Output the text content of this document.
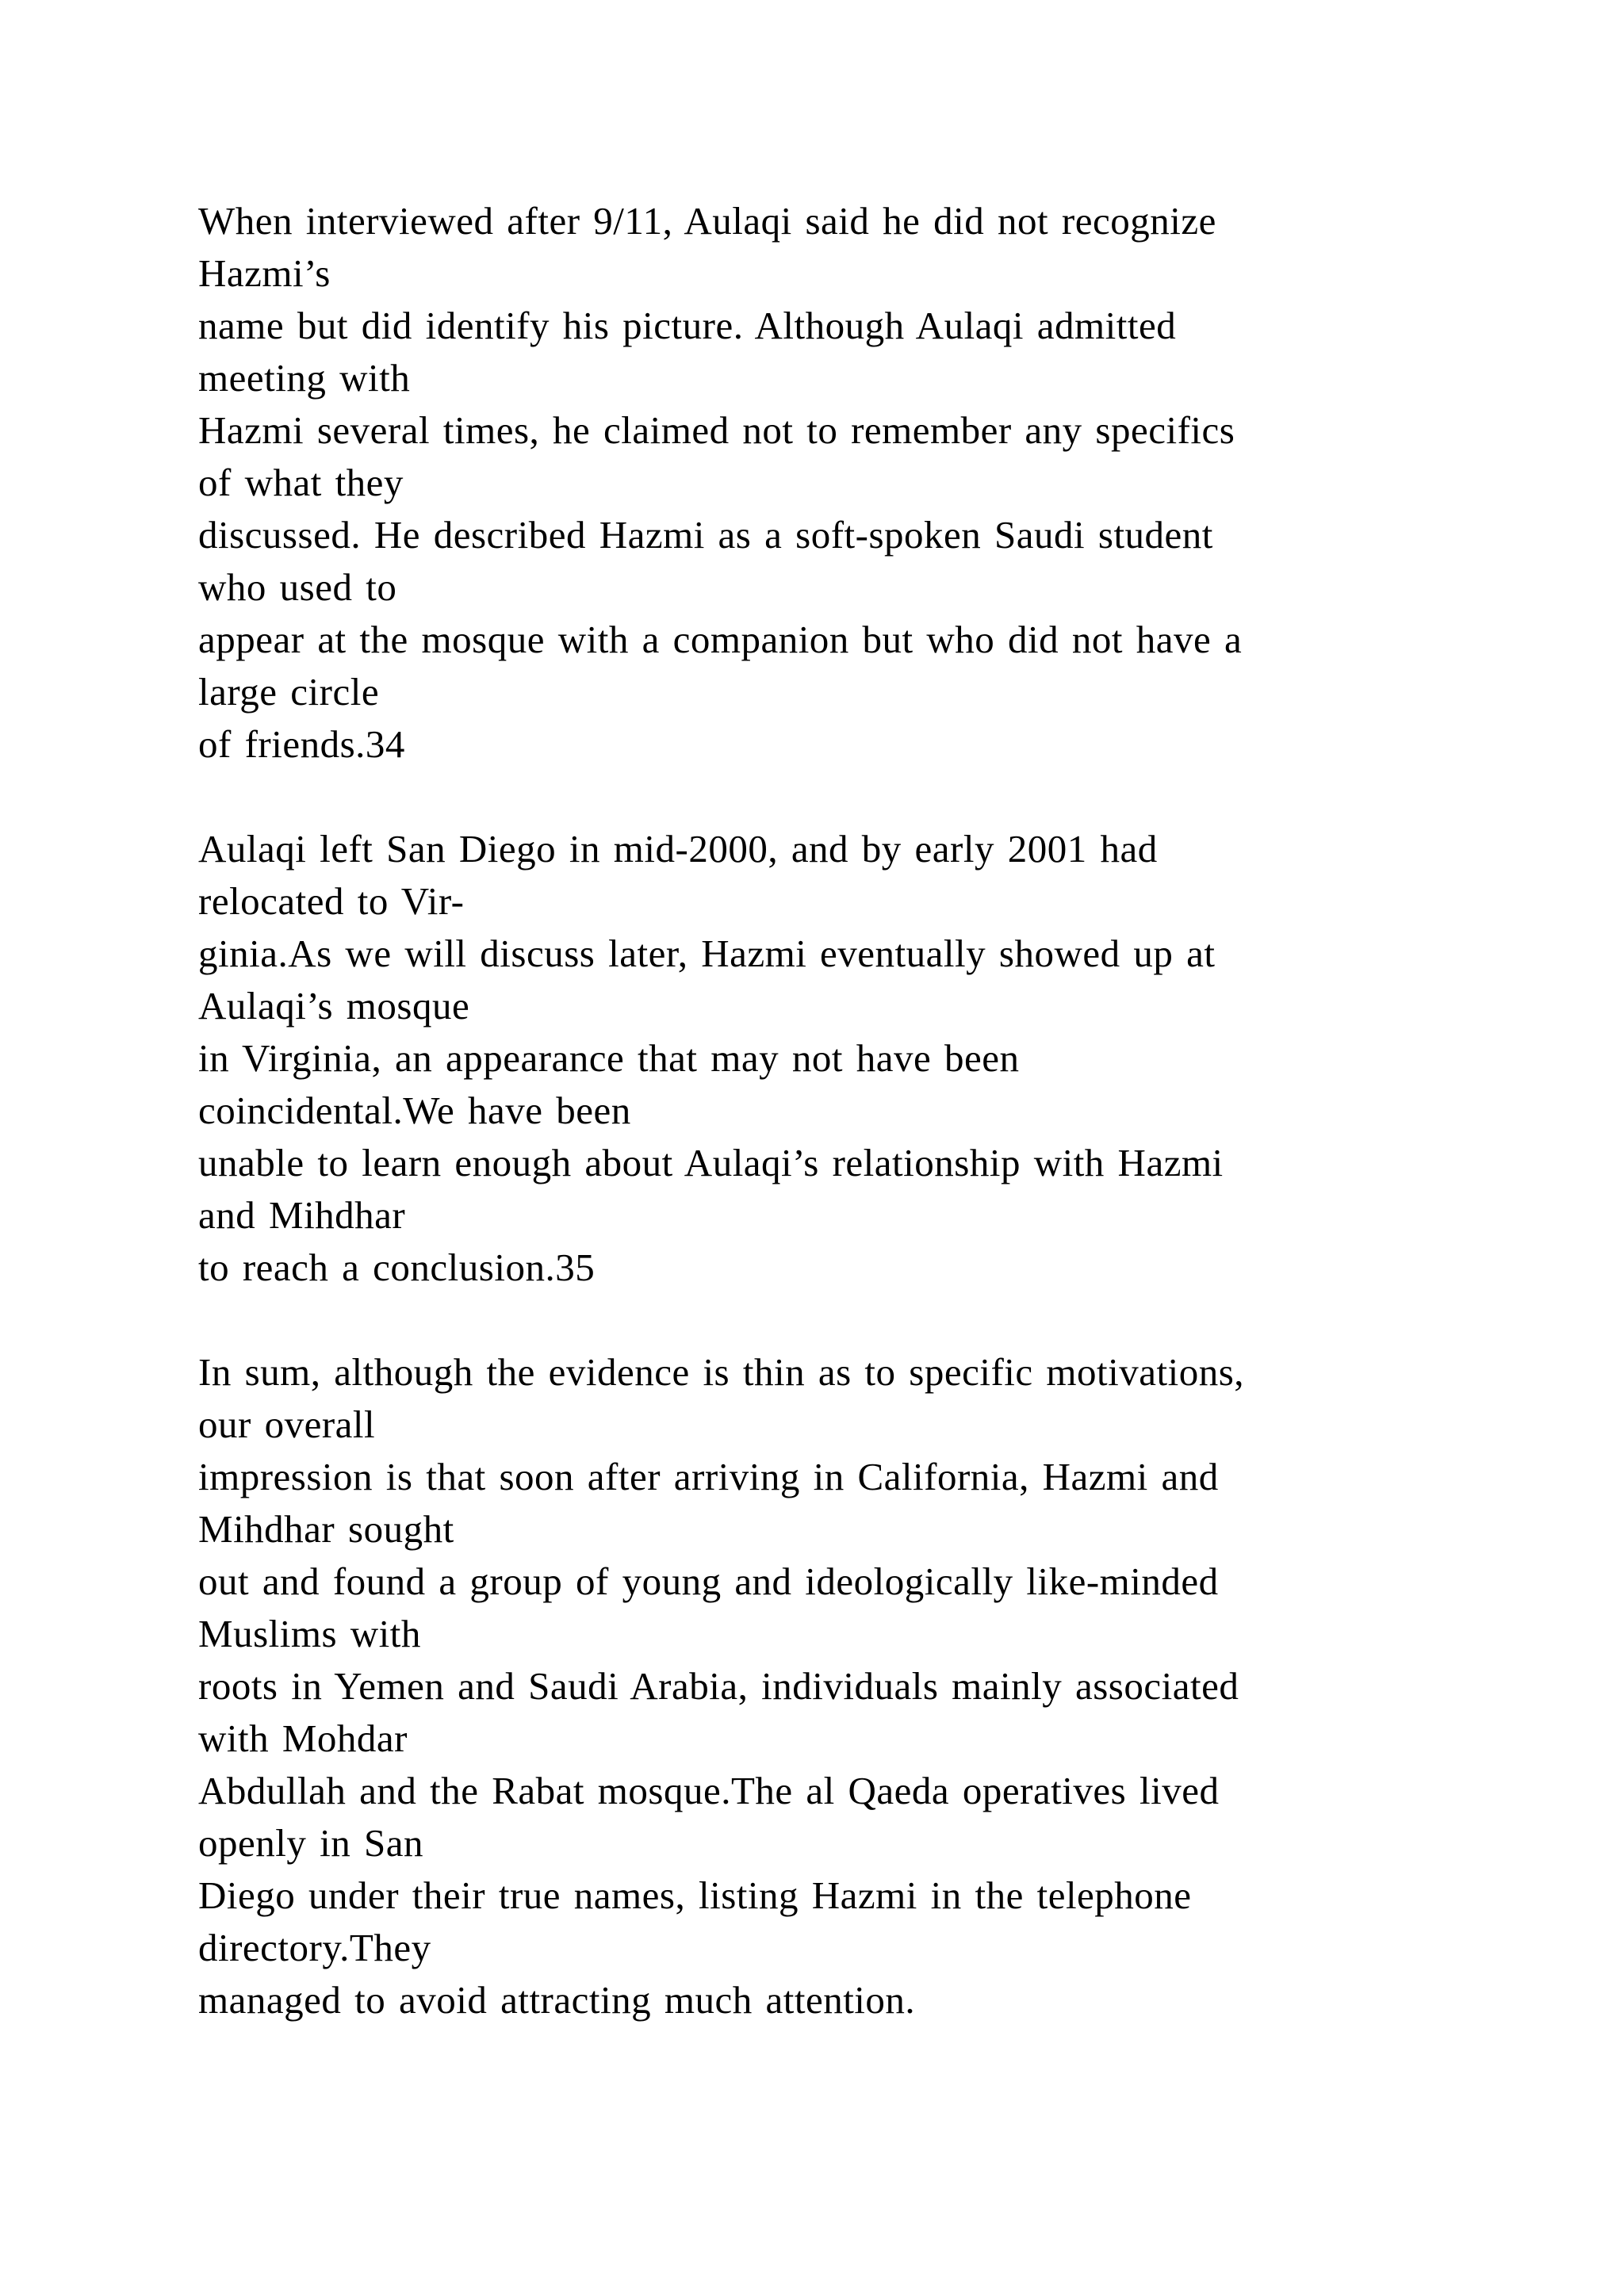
When interviewed after 9/11, Aulaqi said he did not recognize
Hazmi’s
name but did identify his picture. Although Aulaqi admitted
meeting with
Hazmi several times, he claimed not to remember any specifics
of what they
discussed. He described Hazmi as a soft-spoken Saudi student
who used to
appear at the mosque with a companion but who did not have a
large circle
of friends.34
Aulaqi left San Diego in mid-2000, and by early 2001 had
relocated to Vir-
ginia.As we will discuss later, Hazmi eventually showed up at
Aulaqi’s mosque
in Virginia, an appearance that may not have been
coincidental.We have been
unable to learn enough about Aulaqi’s relationship with Hazmi
and Mihdhar
to reach a conclusion.35
In sum, although the evidence is thin as to specific motivations,
our overall
impression is that soon after arriving in California, Hazmi and
Mihdhar sought
out and found a group of young and ideologically like-minded
Muslims with
roots in Yemen and Saudi Arabia, individuals mainly associated
with Mohdar
Abdullah and the Rabat mosque.The al Qaeda operatives lived
openly in San
Diego under their true names, listing Hazmi in the telephone
directory.They
managed to avoid attracting much attention.
